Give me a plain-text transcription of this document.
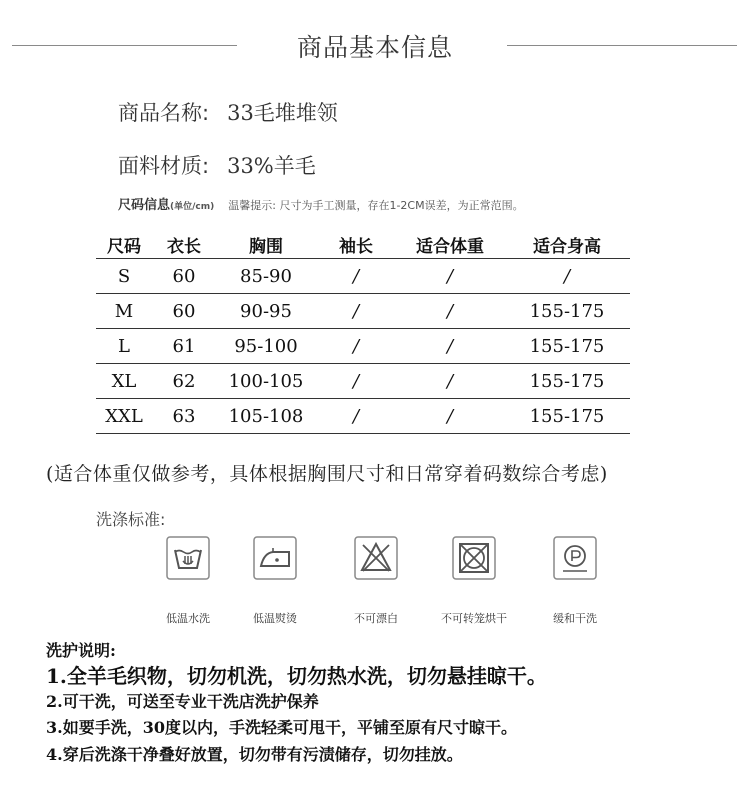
商品基本信息
商品名称: 33毛堆堆领
面料材质: 33%羊毛
尺码信息(单位/cm) 温馨提示: 尺寸为手工测量，存在1-2CM误差，为正常范围。
尺码	衣长	胸围	袖长	适合体重	适合身高
S	60	85-90	/	/	/
M	60	90-95	/	/	155-175
L	61	95-100	/	/	155-175
XL	62	100-105	/	/	155-175
XXL	63	105-108	/	/	155-175
(适合体重仅做参考，具体根据胸围尺寸和日常穿着码数综合考虑)
洗涤标准:
低温水洗	低温熨烫	不可漂白	不可转笼烘干	缓和干洗
洗护说明:
1.全羊毛织物，切勿机洗，切勿热水洗，切勿悬挂晾干。
2.可干洗，可送至专业干洗店洗护保养
3.如要手洗，30度以内，手洗轻柔可甩干，平铺至原有尺寸晾干。
4.穿后洗涤干净叠好放置，切勿带有污渍储存，切勿挂放。
